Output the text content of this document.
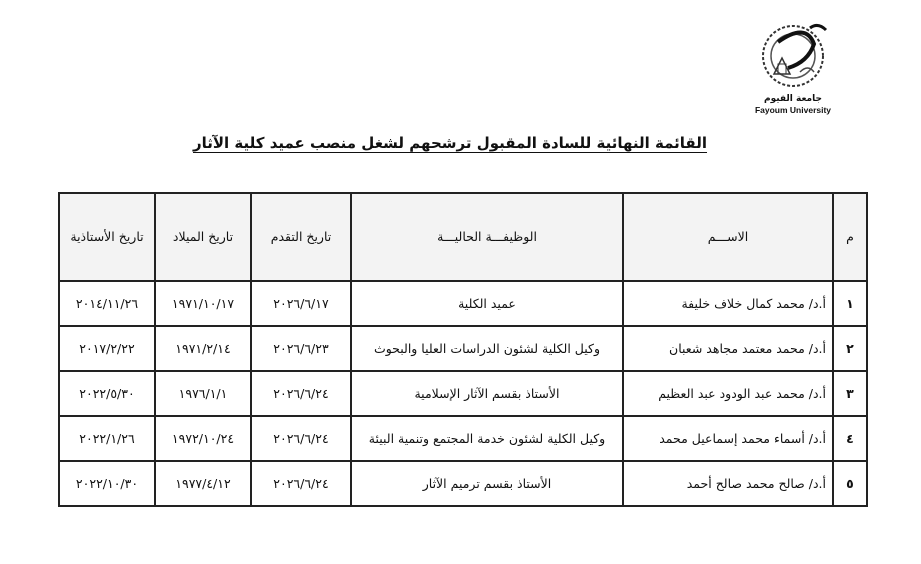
جامعة الفيوم
Fayoum University
القائمة النهائية للسادة المقبول ترشحهم لشغل منصب عميد كلية الآثار
م	الاســـم	الوظيفـــة الحاليـــة	تاريخ التقدم	تاريخ الميلاد	تاريخ الأستاذية
١	أ.د/ محمد كمال خلاف خليفة	عميد الكلية	٢٠٢٦/٦/١٧	١٩٧١/١٠/١٧	٢٠١٤/١١/٢٦
٢	أ.د/ محمد معتمد مجاهد شعبان	وكيل الكلية لشئون الدراسات العليا والبحوث	٢٠٢٦/٦/٢٣	١٩٧١/٢/١٤	٢٠١٧/٢/٢٢
٣	أ.د/ محمد عبد الودود عبد العظيم	الأستاذ بقسم الآثار الإسلامية	٢٠٢٦/٦/٢٤	١٩٧٦/١/١	٢٠٢٢/٥/٣٠
٤	أ.د/ أسماء محمد إسماعيل محمد	وكيل الكلية لشئون خدمة المجتمع وتنمية البيئة	٢٠٢٦/٦/٢٤	١٩٧٢/١٠/٢٤	٢٠٢٢/١/٢٦
٥	أ.د/ صالح محمد صالح أحمد	الأستاذ بقسم ترميم الآثار	٢٠٢٦/٦/٢٤	١٩٧٧/٤/١٢	٢٠٢٢/١٠/٣٠
